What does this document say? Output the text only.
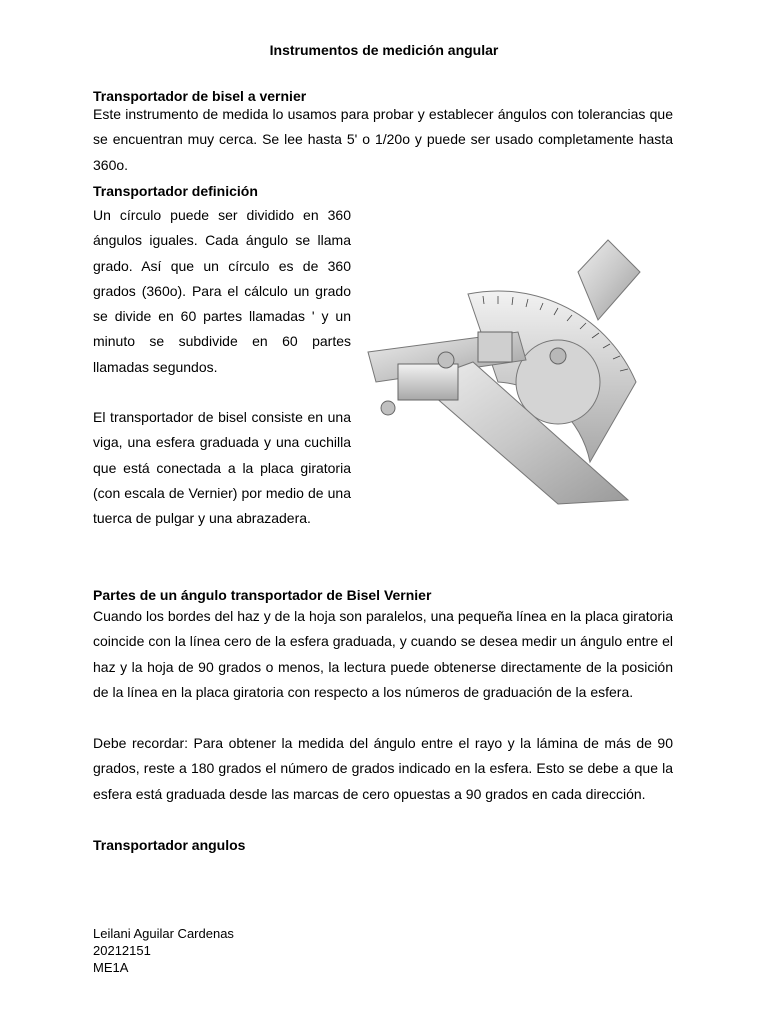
Instrumentos de medición angular
Transportador de bisel a vernier

Este instrumento de medida lo usamos para probar y establecer ángulos con tolerancias que se encuentran muy cerca. Se lee hasta 5' o 1/20o y puede ser usado completamente hasta 360o.

Transportador definición

Un círculo puede ser dividido en 360 ángulos iguales. Cada ángulo se llama grado. Así que un círculo es de 360 grados (360o). Para el cálculo un grado se divide en 60 partes llamadas ' y un minuto se subdivide en 60 partes llamadas segundos.

El transportador de bisel consiste en una viga, una esfera graduada y una cuchilla que está conectada a la placa giratoria (con escala de Vernier) por medio de una tuerca de pulgar y una abrazadera.

Partes de un ángulo transportador de Bisel Vernier

Cuando los bordes del haz y de la hoja son paralelos, una pequeña línea en la placa giratoria coincide con la línea cero de la esfera graduada, y cuando se desea medir un ángulo entre el haz y la hoja de 90 grados o menos, la lectura puede obtenerse directamente de la posición de la línea en la placa giratoria con respecto a los números de graduación de la esfera.

Debe recordar: Para obtener la medida del ángulo entre el rayo y la lámina de más de 90 grados, reste a 180 grados el número de grados indicado en la esfera. Esto se debe a que la esfera está graduada desde las marcas de cero opuestas a 90 grados en cada dirección.

Transportador angulos
Leilani Aguilar Cardenas
20212151
ME1A
